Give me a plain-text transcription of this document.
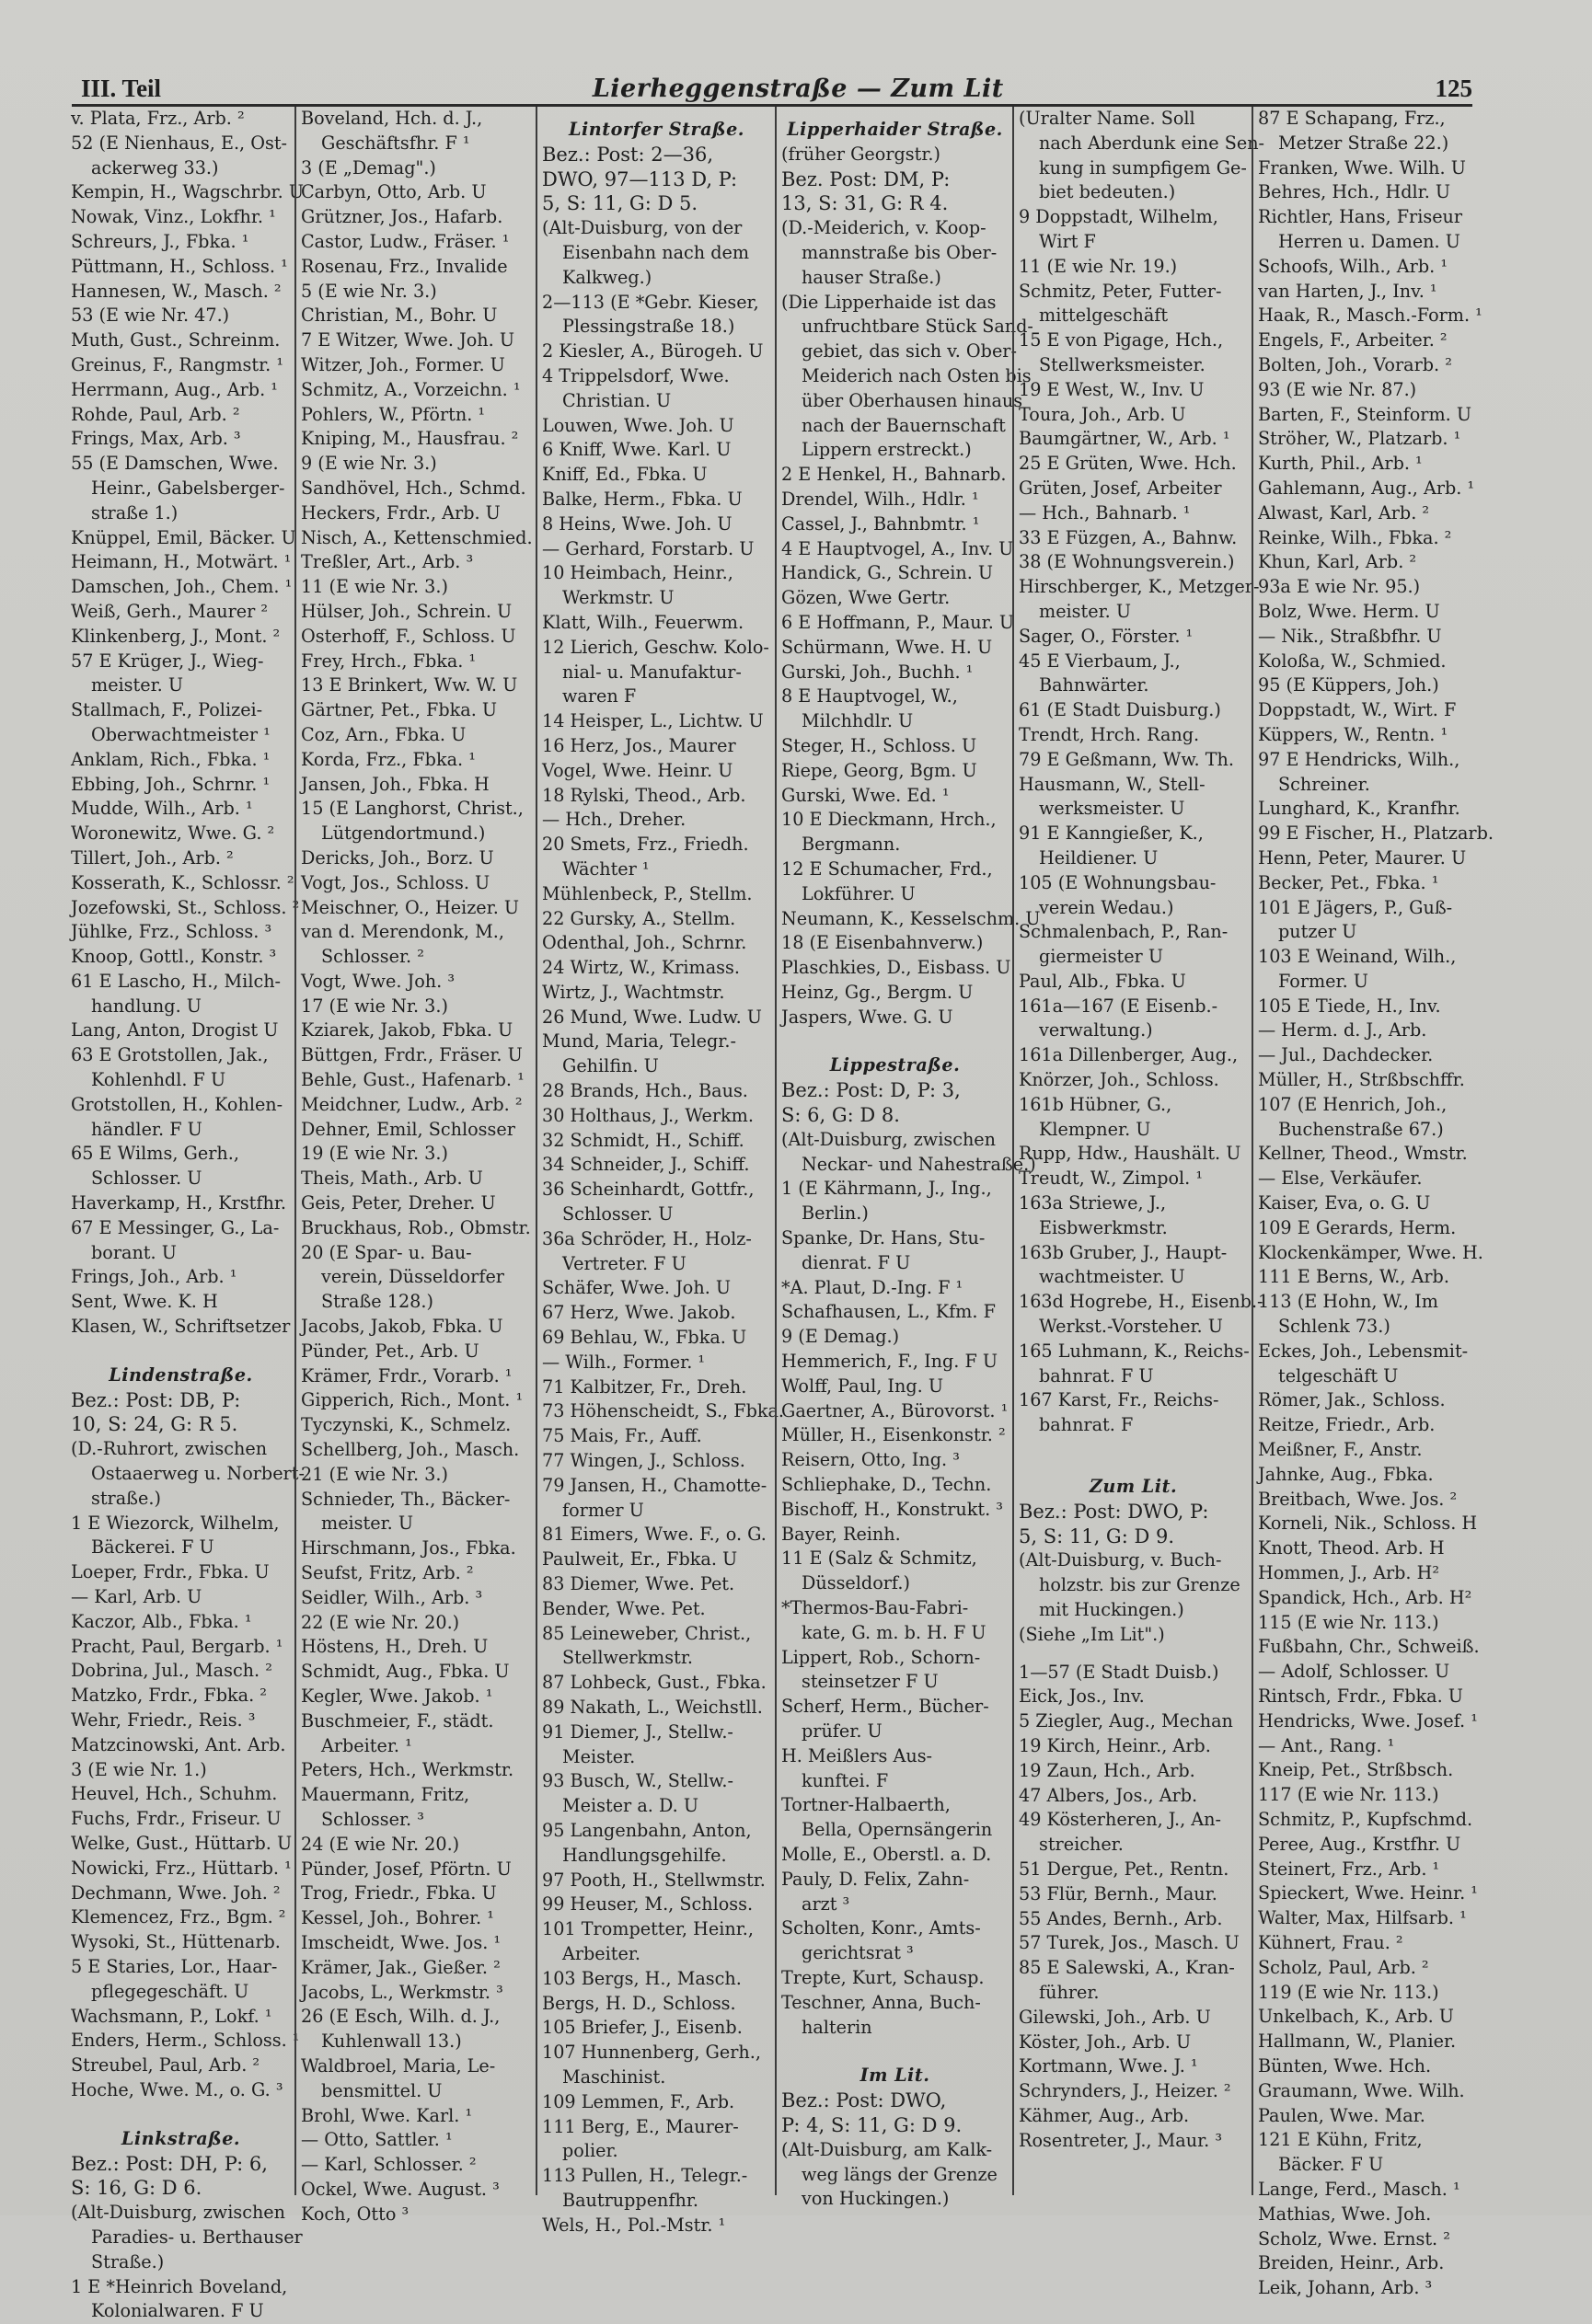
III. Teil	Lierheggenstraße — Zum Lit	125
v. Plata, Frz., Arb. ²
52 (E Nienhaus, E., Ost-
ackerweg 33.)
Kempin, H., Wagschrbr. U
Nowak, Vinz., Lokfhr. ¹
Schreurs, J., Fbka. ¹
Püttmann, H., Schloss. ¹
Hannesen, W., Masch. ²
53 (E wie Nr. 47.)
Muth, Gust., Schreinm.
Greinus, F., Rangmstr. ¹
Herrmann, Aug., Arb. ¹
Rohde, Paul, Arb. ²
Frings, Max, Arb. ³
55 (E Damschen, Wwe.
Heinr., Gabelsberger-
straße 1.)
Knüppel, Emil, Bäcker. U
Heimann, H., Motwärt. ¹
Damschen, Joh., Chem. ¹
Weiß, Gerh., Maurer ²
Klinkenberg, J., Mont. ²
57 E Krüger, J., Wieg-
meister. U
Stallmach, F., Polizei-
Oberwachtmeister ¹
Anklam, Rich., Fbka. ¹
Ebbing, Joh., Schrnr. ¹
Mudde, Wilh., Arb. ¹
Woronewitz, Wwe. G. ²
Tillert, Joh., Arb. ²
Kosserath, K., Schlossr. ²
Jozefowski, St., Schloss. ²
Jühlke, Frz., Schloss. ³
Knoop, Gottl., Konstr. ³
61 E Lascho, H., Milch-
handlung. U
Lang, Anton, Drogist U
63 E Grotstollen, Jak.,
Kohlenhdl. F U
Grotstollen, H., Kohlen-
händler. F U
65 E Wilms, Gerh.,
Schlosser. U
Haverkamp, H., Krstfhr.
67 E Messinger, G., La-
borant. U
Frings, Joh., Arb. ¹
Sent, Wwe. K. H
Klasen, W., Schriftsetzer
Lindenstraße.
Bez.: Post: DB, P:
10, S: 24, G: R 5.
(D.-Ruhrort, zwischen
Ostaaerweg u. Norbert-
straße.)
1 E Wiezorck, Wilhelm,
Bäckerei. F U
Loeper, Frdr., Fbka. U
— Karl, Arb. U
Kaczor, Alb., Fbka. ¹
Pracht, Paul, Bergarb. ¹
Dobrina, Jul., Masch. ²
Matzko, Frdr., Fbka. ²
Wehr, Friedr., Reis. ³
Matzcinowski, Ant. Arb.
3 (E wie Nr. 1.)
Heuvel, Hch., Schuhm.
Fuchs, Frdr., Friseur. U
Welke, Gust., Hüttarb. U
Nowicki, Frz., Hüttarb. ¹
Dechmann, Wwe. Joh. ²
Klemencez, Frz., Bgm. ²
Wysoki, St., Hüttenarb.
5 E Staries, Lor., Haar-
pflegegeschäft. U
Wachsmann, P., Lokf. ¹
Enders, Herm., Schloss. ¹
Streubel, Paul, Arb. ²
Hoche, Wwe. M., o. G. ³
Linkstraße.
Bez.: Post: DH, P: 6,
S: 16, G: D 6.
(Alt-Duisburg, zwischen
Paradies- u. Berthauser
Straße.)
1 E *Heinrich Boveland,
Kolonialwaren. F U
Boveland, Hch. d. J.,
Geschäftsfhr. F ¹
3 (E „Demag".)
Carbyn, Otto, Arb. U
Grützner, Jos., Hafarb.
Castor, Ludw., Fräser. ¹
Rosenau, Frz., Invalide
5 (E wie Nr. 3.)
Christian, M., Bohr. U
7 E Witzer, Wwe. Joh. U
Witzer, Joh., Former. U
Schmitz, A., Vorzeichn. ¹
Pohlers, W., Pförtn. ¹
Kniping, M., Hausfrau. ²
9 (E wie Nr. 3.)
Sandhövel, Hch., Schmd.
Heckers, Frdr., Arb. U
Nisch, A., Kettenschmied.
Treßler, Art., Arb. ³
11 (E wie Nr. 3.)
Hülser, Joh., Schrein. U
Osterhoff, F., Schloss. U
Frey, Hrch., Fbka. ¹
13 E Brinkert, Ww. W. U
Gärtner, Pet., Fbka. U
Coz, Arn., Fbka. U
Korda, Frz., Fbka. ¹
Jansen, Joh., Fbka. H
15 (E Langhorst, Christ.,
Lütgendortmund.)
Dericks, Joh., Borz. U
Vogt, Jos., Schloss. U
Meischner, O., Heizer. U
van d. Merendonk, M.,
Schlosser. ²
Vogt, Wwe. Joh. ³
17 (E wie Nr. 3.)
Kziarek, Jakob, Fbka. U
Büttgen, Frdr., Fräser. U
Behle, Gust., Hafenarb. ¹
Meidchner, Ludw., Arb. ²
Dehner, Emil, Schlosser
19 (E wie Nr. 3.)
Theis, Math., Arb. U
Geis, Peter, Dreher. U
Bruckhaus, Rob., Obmstr.
20 (E Spar- u. Bau-
verein, Düsseldorfer
Straße 128.)
Jacobs, Jakob, Fbka. U
Pünder, Pet., Arb. U
Krämer, Frdr., Vorarb. ¹
Gipperich, Rich., Mont. ¹
Tyczynski, K., Schmelz.
Schellberg, Joh., Masch.
21 (E wie Nr. 3.)
Schnieder, Th., Bäcker-
meister. U
Hirschmann, Jos., Fbka.
Seufst, Fritz, Arb. ²
Seidler, Wilh., Arb. ³
22 (E wie Nr. 20.)
Höstens, H., Dreh. U
Schmidt, Aug., Fbka. U
Kegler, Wwe. Jakob. ¹
Buschmeier, F., städt.
Arbeiter. ¹
Peters, Hch., Werkmstr.
Mauermann, Fritz,
Schlosser. ³
24 (E wie Nr. 20.)
Pünder, Josef, Pförtn. U
Trog, Friedr., Fbka. U
Kessel, Joh., Bohrer. ¹
Imscheidt, Wwe. Jos. ¹
Krämer, Jak., Gießer. ²
Jacobs, L., Werkmstr. ³
26 (E Esch, Wilh. d. J.,
Kuhlenwall 13.)
Waldbroel, Maria, Le-
bensmittel. U
Brohl, Wwe. Karl. ¹
— Otto, Sattler. ¹
— Karl, Schlosser. ²
Ockel, Wwe. August. ³
Koch, Otto ³
Lintorfer Straße.
Bez.: Post: 2—36,
DWO, 97—113 D, P:
5, S: 11, G: D 5.
(Alt-Duisburg, von der
Eisenbahn nach dem
Kalkweg.)
2—113 (E *Gebr. Kieser,
Plessingstraße 18.)
2 Kiesler, A., Bürogeh. U
4 Trippelsdorf, Wwe.
Christian. U
Louwen, Wwe. Joh. U
6 Kniff, Wwe. Karl. U
Kniff, Ed., Fbka. U
Balke, Herm., Fbka. U
8 Heins, Wwe. Joh. U
— Gerhard, Forstarb. U
10 Heimbach, Heinr.,
Werkmstr. U
Klatt, Wilh., Feuerwm.
12 Lierich, Geschw. Kolo-
nial- u. Manufaktur-
waren F
14 Heisper, L., Lichtw. U
16 Herz, Jos., Maurer
Vogel, Wwe. Heinr. U
18 Rylski, Theod., Arb.
— Hch., Dreher.
20 Smets, Frz., Friedh.
Wächter ¹
Mühlenbeck, P., Stellm.
22 Gursky, A., Stellm.
Odenthal, Joh., Schrnr.
24 Wirtz, W., Krimass.
Wirtz, J., Wachtmstr.
26 Mund, Wwe. Ludw. U
Mund, Maria, Telegr.-
Gehilfin. U
28 Brands, Hch., Baus.
30 Holthaus, J., Werkm.
32 Schmidt, H., Schiff.
34 Schneider, J., Schiff.
36 Scheinhardt, Gottfr.,
Schlosser. U
36a Schröder, H., Holz-
Vertreter. F U
Schäfer, Wwe. Joh. U
67 Herz, Wwe. Jakob.
69 Behlau, W., Fbka. U
— Wilh., Former. ¹
71 Kalbitzer, Fr., Dreh.
73 Höhenscheidt, S., Fbka.
75 Mais, Fr., Auff.
77 Wingen, J., Schloss.
79 Jansen, H., Chamotte-
former U
81 Eimers, Wwe. F., o. G.
Paulweit, Er., Fbka. U
83 Diemer, Wwe. Pet.
Bender, Wwe. Pet.
85 Leineweber, Christ.,
Stellwerkmstr.
87 Lohbeck, Gust., Fbka.
89 Nakath, L., Weichstll.
91 Diemer, J., Stellw.-
Meister.
93 Busch, W., Stellw.-
Meister a. D. U
95 Langenbahn, Anton,
Handlungsgehilfe.
97 Pooth, H., Stellwmstr.
99 Heuser, M., Schloss.
101 Trompetter, Heinr.,
Arbeiter.
103 Bergs, H., Masch.
Bergs, H. D., Schloss.
105 Briefer, J., Eisenb.
107 Hunnenberg, Gerh.,
Maschinist.
109 Lemmen, F., Arb.
111 Berg, E., Maurer-
polier.
113 Pullen, H., Telegr.-
Bautruppenfhr.
Wels, H., Pol.-Mstr. ¹
Lipperhaider Straße.
(früher Georgstr.)
Bez. Post: DM, P:
13, S: 31, G: R 4.
(D.-Meiderich, v. Koop-
mannstraße bis Ober-
hauser Straße.)
(Die Lipperhaide ist das
unfruchtbare Stück Sand-
gebiet, das sich v. Ober-
Meiderich nach Osten bis
über Oberhausen hinaus
nach der Bauernschaft
Lippern erstreckt.)
2 E Henkel, H., Bahnarb.
Drendel, Wilh., Hdlr. ¹
Cassel, J., Bahnbmtr. ¹
4 E Hauptvogel, A., Inv. U
Handick, G., Schrein. U
Gözen, Wwe Gertr.
6 E Hoffmann, P., Maur. U
Schürmann, Wwe. H. U
Gurski, Joh., Buchh. ¹
8 E Hauptvogel, W.,
Milchhdlr. U
Steger, H., Schloss. U
Riepe, Georg, Bgm. U
Gurski, Wwe. Ed. ¹
10 E Dieckmann, Hrch.,
Bergmann.
12 E Schumacher, Frd.,
Lokführer. U
Neumann, K., Kesselschm. U
18 (E Eisenbahnverw.)
Plaschkies, D., Eisbass. U
Heinz, Gg., Bergm. U
Jaspers, Wwe. G. U
Lippestraße.
Bez.: Post: D, P: 3,
S: 6, G: D 8.
(Alt-Duisburg, zwischen
Neckar- und Nahestraße.)
1 (E Kährmann, J., Ing.,
Berlin.)
Spanke, Dr. Hans, Stu-
dienrat. F U
*A. Plaut, D.-Ing. F ¹
Schafhausen, L., Kfm. F
9 (E Demag.)
Hemmerich, F., Ing. F U
Wolff, Paul, Ing. U
Gaertner, A., Bürovorst. ¹
Müller, H., Eisenkonstr. ²
Reisern, Otto, Ing. ³
Schliephake, D., Techn.
Bischoff, H., Konstrukt. ³
Bayer, Reinh.
11 E (Salz & Schmitz,
Düsseldorf.)
*Thermos-Bau-Fabri-
kate, G. m. b. H. F U
Lippert, Rob., Schorn-
steinsetzer F U
Scherf, Herm., Bücher-
prüfer. U
H. Meißlers Aus-
kunftei. F
Tortner-Halbaerth,
Bella, Opernsängerin
Molle, E., Oberstl. a. D.
Pauly, D. Felix, Zahn-
arzt ³
Scholten, Konr., Amts-
gerichtsrat ³
Trepte, Kurt, Schausp.
Teschner, Anna, Buch-
halterin
Im Lit.
Bez.: Post: DWO,
P: 4, S: 11, G: D 9.
(Alt-Duisburg, am Kalk-
weg längs der Grenze
von Huckingen.)
(Uralter Name. Soll
nach Aberdunk eine Sen-
kung in sumpfigem Ge-
biet bedeuten.)
9 Doppstadt, Wilhelm,
Wirt F
11 (E wie Nr. 19.)
Schmitz, Peter, Futter-
mittelgeschäft
15 E von Pigage, Hch.,
Stellwerksmeister.
19 E West, W., Inv. U
Toura, Joh., Arb. U
Baumgärtner, W., Arb. ¹
25 E Grüten, Wwe. Hch.
Grüten, Josef, Arbeiter
— Hch., Bahnarb. ¹
33 E Füzgen, A., Bahnw.
38 (E Wohnungsverein.)
Hirschberger, K., Metzger-
meister. U
Sager, O., Förster. ¹
45 E Vierbaum, J.,
Bahnwärter.
61 (E Stadt Duisburg.)
Trendt, Hrch. Rang.
79 E Geßmann, Ww. Th.
Hausmann, W., Stell-
werksmeister. U
91 E Kanngießer, K.,
Heildiener. U
105 (E Wohnungsbau-
verein Wedau.)
Schmalenbach, P., Ran-
giermeister U
Paul, Alb., Fbka. U
161a—167 (E Eisenb.-
verwaltung.)
161a Dillenberger, Aug.,
Knörzer, Joh., Schloss.
161b Hübner, G.,
Klempner. U
Rupp, Hdw., Haushält. U
Treudt, W., Zimpol. ¹
163a Striewe, J.,
Eisbwerkmstr.
163b Gruber, J., Haupt-
wachtmeister. U
163d Hogrebe, H., Eisenb.-
Werkst.-Vorsteher. U
165 Luhmann, K., Reichs-
bahnrat. F U
167 Karst, Fr., Reichs-
bahnrat. F
Zum Lit.
Bez.: Post: DWO, P:
5, S: 11, G: D 9.
(Alt-Duisburg, v. Buch-
holzstr. bis zur Grenze
mit Huckingen.)
(Siehe „Im Lit".)
1—57 (E Stadt Duisb.)
Eick, Jos., Inv.
5 Ziegler, Aug., Mechan
19 Kirch, Heinr., Arb.
19 Zaun, Hch., Arb.
47 Albers, Jos., Arb.
49 Kösterheren, J., An-
streicher.
51 Dergue, Pet., Rentn.
53 Flür, Bernh., Maur.
55 Andes, Bernh., Arb.
57 Turek, Jos., Masch. U
85 E Salewski, A., Kran-
führer.
Gilewski, Joh., Arb. U
Köster, Joh., Arb. U
Kortmann, Wwe. J. ¹
Schrynders, J., Heizer. ²
Kähmer, Aug., Arb.
Rosentreter, J., Maur. ³
87 E Schapang, Frz.,
Metzer Straße 22.)
Franken, Wwe. Wilh. U
Behres, Hch., Hdlr. U
Richtler, Hans, Friseur
Herren u. Damen. U
Schoofs, Wilh., Arb. ¹
van Harten, J., Inv. ¹
Haak, R., Masch.-Form. ¹
Engels, F., Arbeiter. ²
Bolten, Joh., Vorarb. ²
93 (E wie Nr. 87.)
Barten, F., Steinform. U
Ströher, W., Platzarb. ¹
Kurth, Phil., Arb. ¹
Gahlemann, Aug., Arb. ¹
Alwast, Karl, Arb. ²
Reinke, Wilh., Fbka. ²
Khun, Karl, Arb. ²
93a E wie Nr. 95.)
Bolz, Wwe. Herm. U
— Nik., Straßbfhr. U
Koloßa, W., Schmied.
95 (E Küppers, Joh.)
Doppstadt, W., Wirt. F
Küppers, W., Rentn. ¹
97 E Hendricks, Wilh.,
Schreiner.
Lunghard, K., Kranfhr.
99 E Fischer, H., Platzarb.
Henn, Peter, Maurer. U
Becker, Pet., Fbka. ¹
101 E Jägers, P., Guß-
putzer U
103 E Weinand, Wilh.,
Former. U
105 E Tiede, H., Inv.
— Herm. d. J., Arb.
— Jul., Dachdecker.
Müller, H., Strßbschffr.
107 (E Henrich, Joh.,
Buchenstraße 67.)
Kellner, Theod., Wmstr.
— Else, Verkäufer.
Kaiser, Eva, o. G. U
109 E Gerards, Herm.
Klockenkämper, Wwe. H.
111 E Berns, W., Arb.
113 (E Hohn, W., Im
Schlenk 73.)
Eckes, Joh., Lebensmit-
telgeschäft U
Römer, Jak., Schloss.
Reitze, Friedr., Arb.
Meißner, F., Anstr.
Jahnke, Aug., Fbka.
Breitbach, Wwe. Jos. ²
Korneli, Nik., Schloss. H
Knott, Theod. Arb. H
Hommen, J., Arb. H²
Spandick, Hch., Arb. H²
115 (E wie Nr. 113.)
Fußbahn, Chr., Schweiß.
— Adolf, Schlosser. U
Rintsch, Frdr., Fbka. U
Hendricks, Wwe. Josef. ¹
— Ant., Rang. ¹
Kneip, Pet., Strßbsch.
117 (E wie Nr. 113.)
Schmitz, P., Kupfschmd.
Peree, Aug., Krstfhr. U
Steinert, Frz., Arb. ¹
Spieckert, Wwe. Heinr. ¹
Walter, Max, Hilfsarb. ¹
Kühnert, Frau. ²
Scholz, Paul, Arb. ²
119 (E wie Nr. 113.)
Unkelbach, K., Arb. U
Hallmann, W., Planier.
Bünten, Wwe. Hch.
Graumann, Wwe. Wilh.
Paulen, Wwe. Mar.
121 E Kühn, Fritz,
Bäcker. F U
Lange, Ferd., Masch. ¹
Mathias, Wwe. Joh.
Scholz, Wwe. Ernst. ²
Breiden, Heinr., Arb.
Leik, Johann, Arb. ³
